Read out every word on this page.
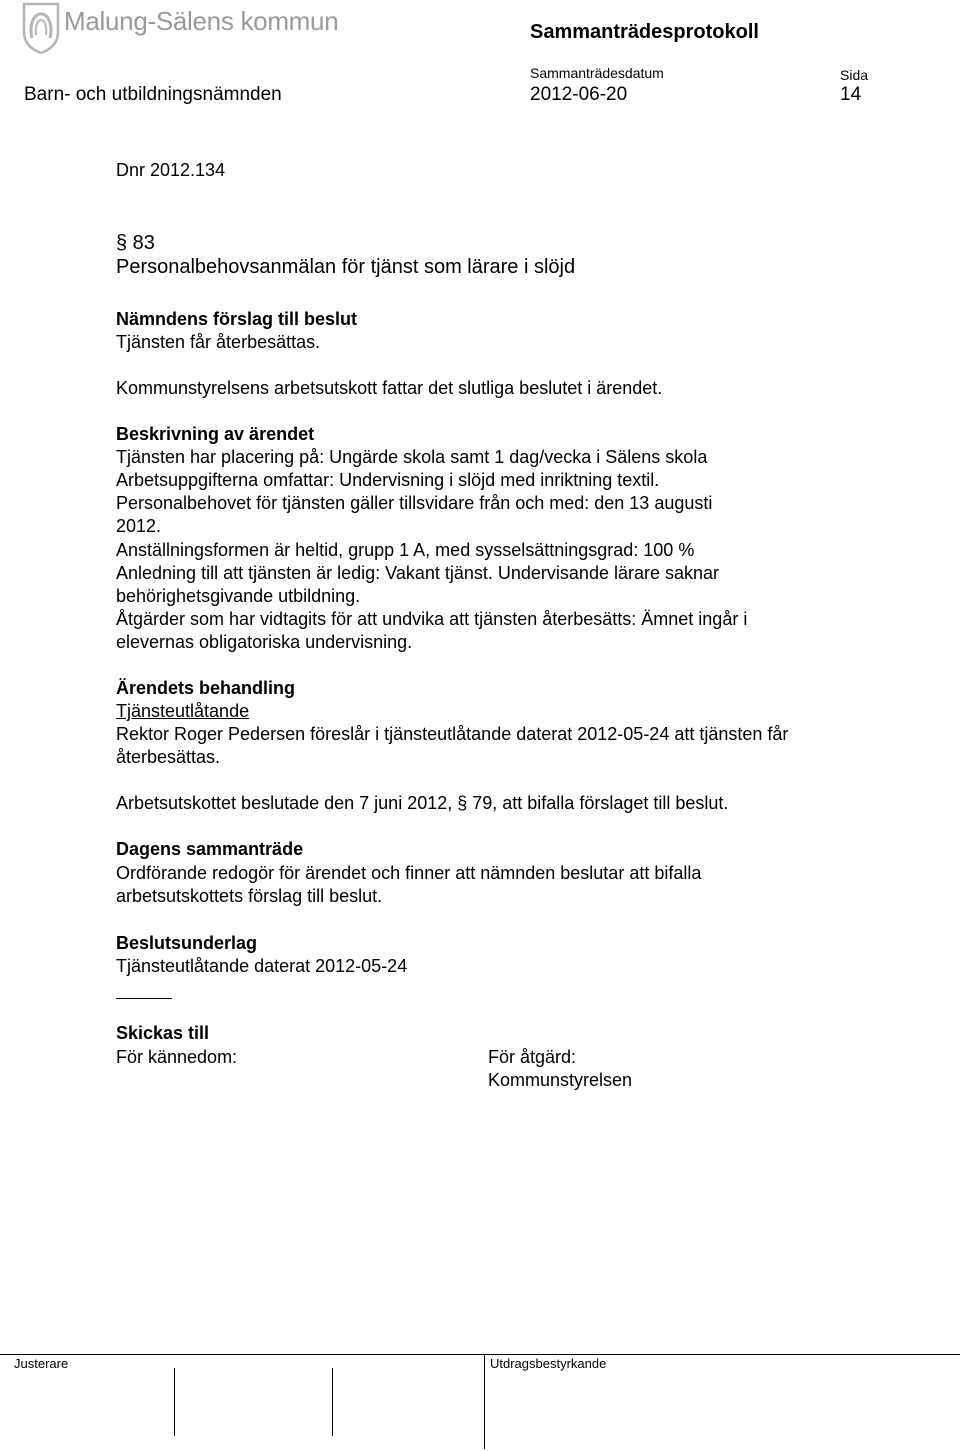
Malung-Sälens kommun	Sammanträdesprotokoll
Sammanträdesdatum	Sida
Barn- och utbildningsnämnden	2012-06-20	14
Dnr 2012.134
§ 83
Personalbehovsanmälan för tjänst som lärare i slöjd
Nämndens förslag till beslut
Tjänsten får återbesättas.
Kommunstyrelsens arbetsutskott fattar det slutliga beslutet i ärendet.
Beskrivning av ärendet
Tjänsten har placering på: Ungärde skola samt 1 dag/vecka i Sälens skola
Arbetsuppgifterna omfattar: Undervisning i slöjd med inriktning textil.
Personalbehovet för tjänsten gäller tillsvidare från och med: den 13 augusti
2012.
Anställningsformen är heltid, grupp 1 A, med sysselsättningsgrad: 100 %
Anledning till att tjänsten är ledig: Vakant tjänst. Undervisande lärare saknar
behörighetsgivande utbildning.
Åtgärder som har vidtagits för att undvika att tjänsten återbesätts: Ämnet ingår i
elevernas obligatoriska undervisning.
Ärendets behandling
Tjänsteutlåtande
Rektor Roger Pedersen föreslår i tjänsteutlåtande daterat 2012-05-24 att tjänsten får
återbesättas.
Arbetsutskottet beslutade den 7 juni 2012, § 79, att bifalla förslaget till beslut.
Dagens sammanträde
Ordförande redogör för ärendet och finner att nämnden beslutar att bifalla
arbetsutskottets förslag till beslut.
Beslutsunderlag
Tjänsteutlåtande daterat 2012-05-24
Skickas till
För kännedom:	För åtgärd:
Kommunstyrelsen
Justerare	Utdragsbestyrkande
